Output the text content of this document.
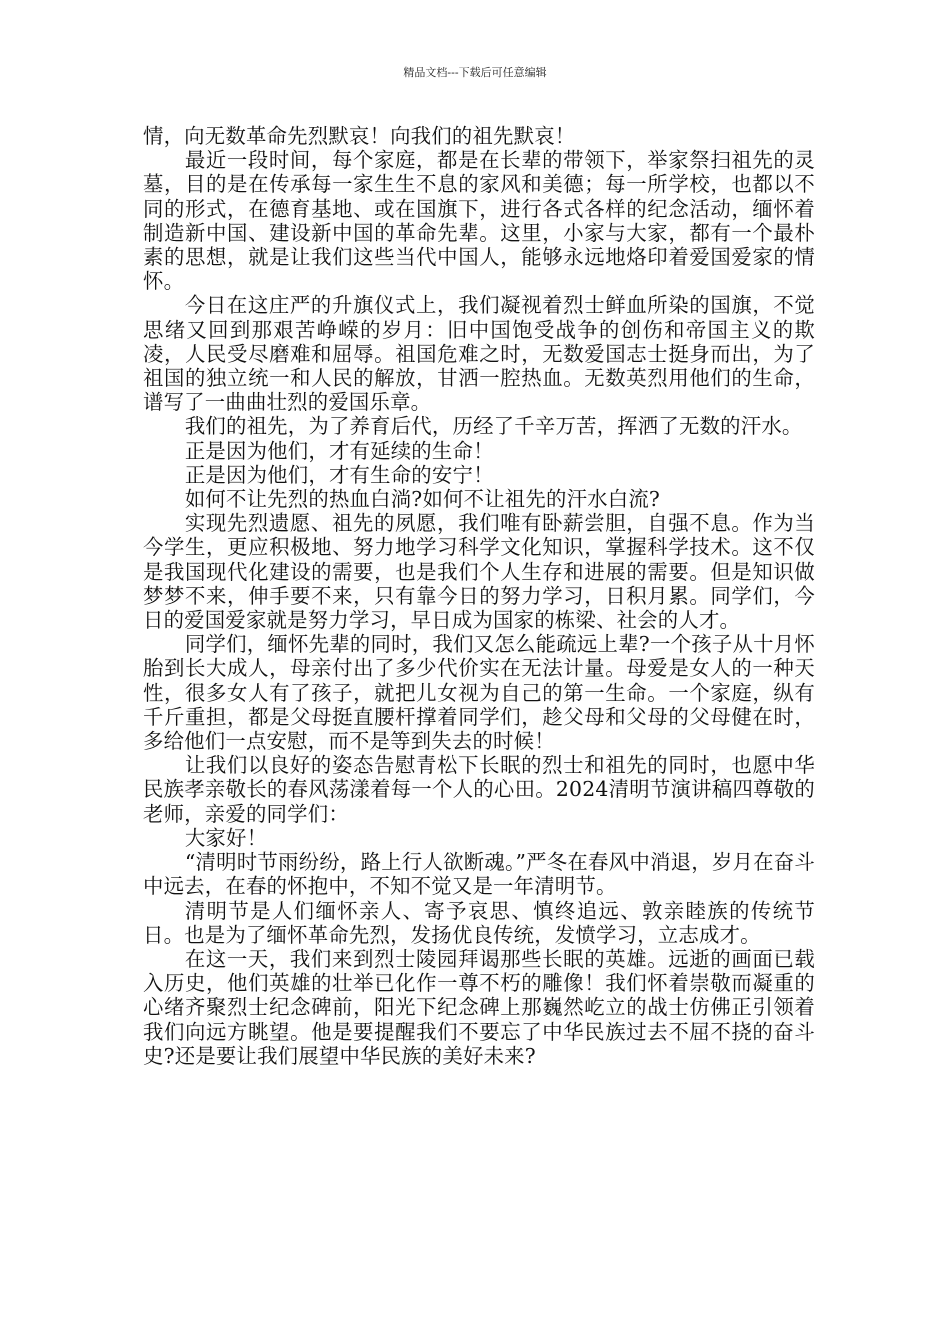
精品文档---下载后可任意编辑

情，向无数革命先烈默哀！向我们的祖先默哀！

最近一段时间，每个家庭，都是在长辈的带领下，举家祭扫祖先的灵墓，目的是在传承每一家生生不息的家风和美德；每一所学校，也都以不同的形式，在德育基地、或在国旗下，进行各式各样的纪念活动，缅怀着制造新中国、建设新中国的革命先辈。这里，小家与大家，都有一个最朴素的思想，就是让我们这些当代中国人，能够永远地烙印着爱国爱家的情怀。

今日在这庄严的升旗仪式上，我们凝视着烈士鲜血所染的国旗，不觉思绪又回到那艰苦峥嵘的岁月：旧中国饱受战争的创伤和帝国主义的欺凌，人民受尽磨难和屈辱。祖国危难之时，无数爱国志士挺身而出，为了祖国的独立统一和人民的解放，甘洒一腔热血。无数英烈用他们的生命，谱写了一曲曲壮烈的爱国乐章。

我们的祖先，为了养育后代，历经了千辛万苦，挥洒了无数的汗水。

正是因为他们，才有延续的生命！

正是因为他们，才有生命的安宁！

如何不让先烈的热血白淌?如何不让祖先的汗水白流?

实现先烈遗愿、祖先的夙愿，我们唯有卧薪尝胆，自强不息。作为当今学生，更应积极地、努力地学习科学文化知识，掌握科学技术。这不仅是我国现代化建设的需要，也是我们个人生存和进展的需要。但是知识做梦梦不来，伸手要不来，只有靠今日的努力学习，日积月累。同学们，今日的爱国爱家就是努力学习，早日成为国家的栋梁、社会的人才。

同学们，缅怀先辈的同时，我们又怎么能疏远上辈?一个孩子从十月怀胎到长大成人，母亲付出了多少代价实在无法计量。母爱是女人的一种天性，很多女人有了孩子，就把儿女视为自己的第一生命。一个家庭，纵有千斤重担，都是父母挺直腰杆撑着同学们，趁父母和父母的父母健在时，多给他们一点安慰，而不是等到失去的时候！

让我们以良好的姿态告慰青松下长眠的烈士和祖先的同时，也愿中华民族孝亲敬长的春风荡漾着每一个人的心田。2024清明节演讲稿四尊敬的老师，亲爱的同学们：

大家好！

“清明时节雨纷纷，路上行人欲断魂。”严冬在春风中消退，岁月在奋斗中远去，在春的怀抱中，不知不觉又是一年清明节。

清明节是人们缅怀亲人、寄予哀思、慎终追远、敦亲睦族的传统节日。也是为了缅怀革命先烈，发扬优良传统，发愤学习，立志成才。

在这一天，我们来到烈士陵园拜谒那些长眠的英雄。远逝的画面已载入历史，他们英雄的壮举已化作一尊不朽的雕像！我们怀着崇敬而凝重的心绪齐聚烈士纪念碑前，阳光下纪念碑上那巍然屹立的战士仿佛正引领着我们向远方眺望。他是要提醒我们不要忘了中华民族过去不屈不挠的奋斗史?还是要让我们展望中华民族的美好未来?
